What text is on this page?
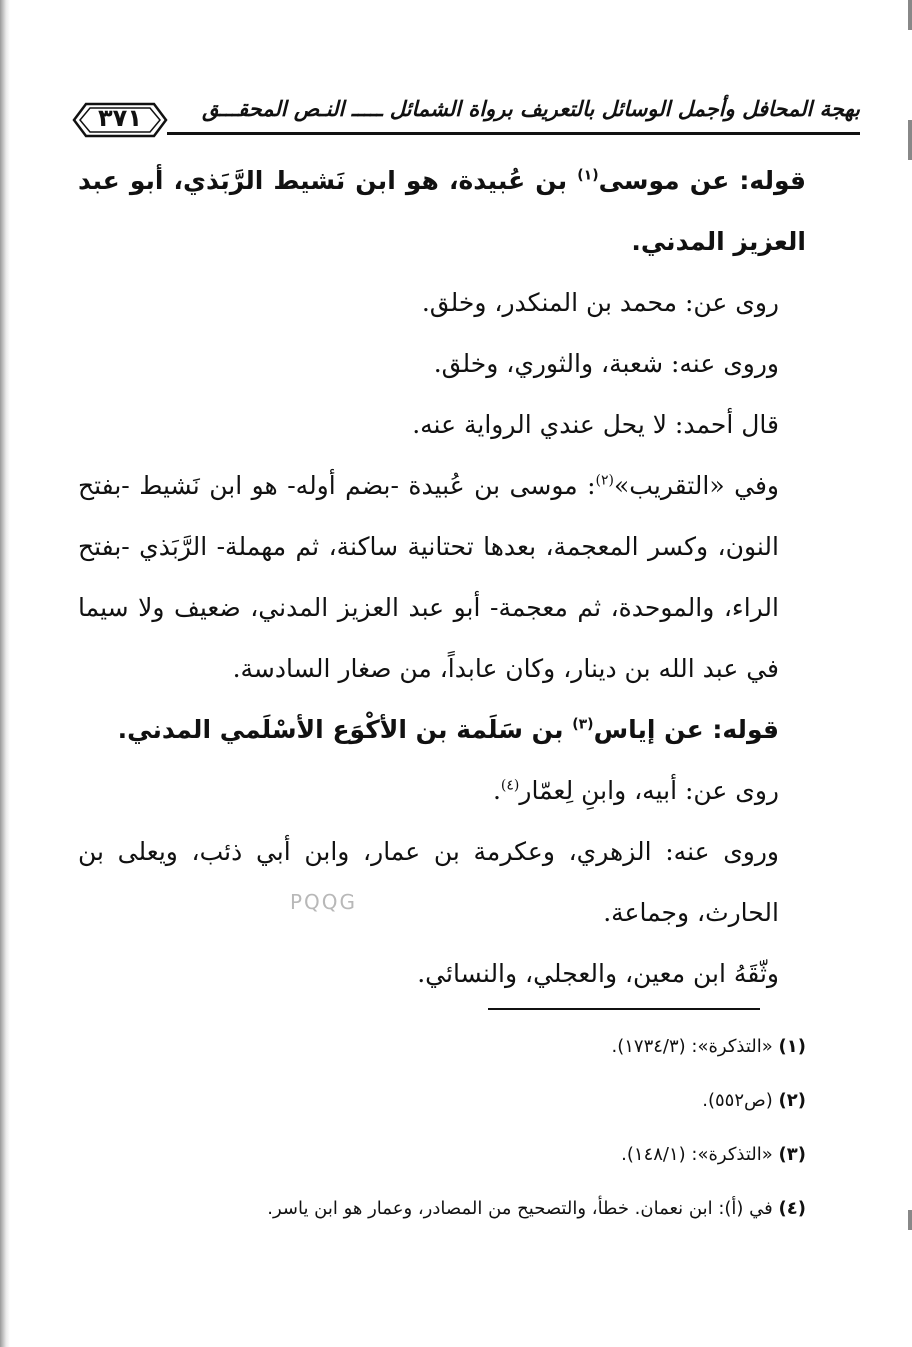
٣٧١	بهجة المحافل وأجمل الوسائل بالتعريف برواة الشمائل ـــــ النـص المحقـــق

قوله: عن موسى$^{(١)}$ بن عُبيدة، هو ابن نَشيط الرَّبَذي، أبو عبد العزيز المدني.

روى عن: محمد بن المنكدر، وخلق.

وروى عنه: شعبة، والثوري، وخلق.

قال أحمد: لا يحل عندي الرواية عنه.

وفي «التقريب»$^{(٢)}$: موسى بن عُبيدة -بضم أوله- هو ابن نَشيط -بفتح النون، وكسر المعجمة، بعدها تحتانية ساكنة، ثم مهملة- الرَّبَذي -بفتح الراء، والموحدة، ثم معجمة- أبو عبد العزيز المدني، ضعيف ولا سيما في عبد الله بن دينار، وكان عابداً، من صغار السادسة.

قوله: عن إياس$^{(٣)}$ بن سَلَمة بن الأكْوَع الأسْلَمي المدني.

روى عن: أبيه، وابنِ لِعمّار$^{(٤)}$.

وروى عنه: الزهري، وعكرمة بن عمار، وابن أبي ذئب، ويعلى بن الحارث، وجماعة.

وثّقَهُ ابن معين، والعجلي، والنسائي.

PQQG
(١) «التذكرة»: (١٧٣٤/٣).
(٢) (ص٥٥٢).
(٣) «التذكرة»: (١٤٨/١).
(٤) في (أ): ابن نعمان. خطأ، والتصحيح من المصادر، وعمار هو ابن ياسر.
